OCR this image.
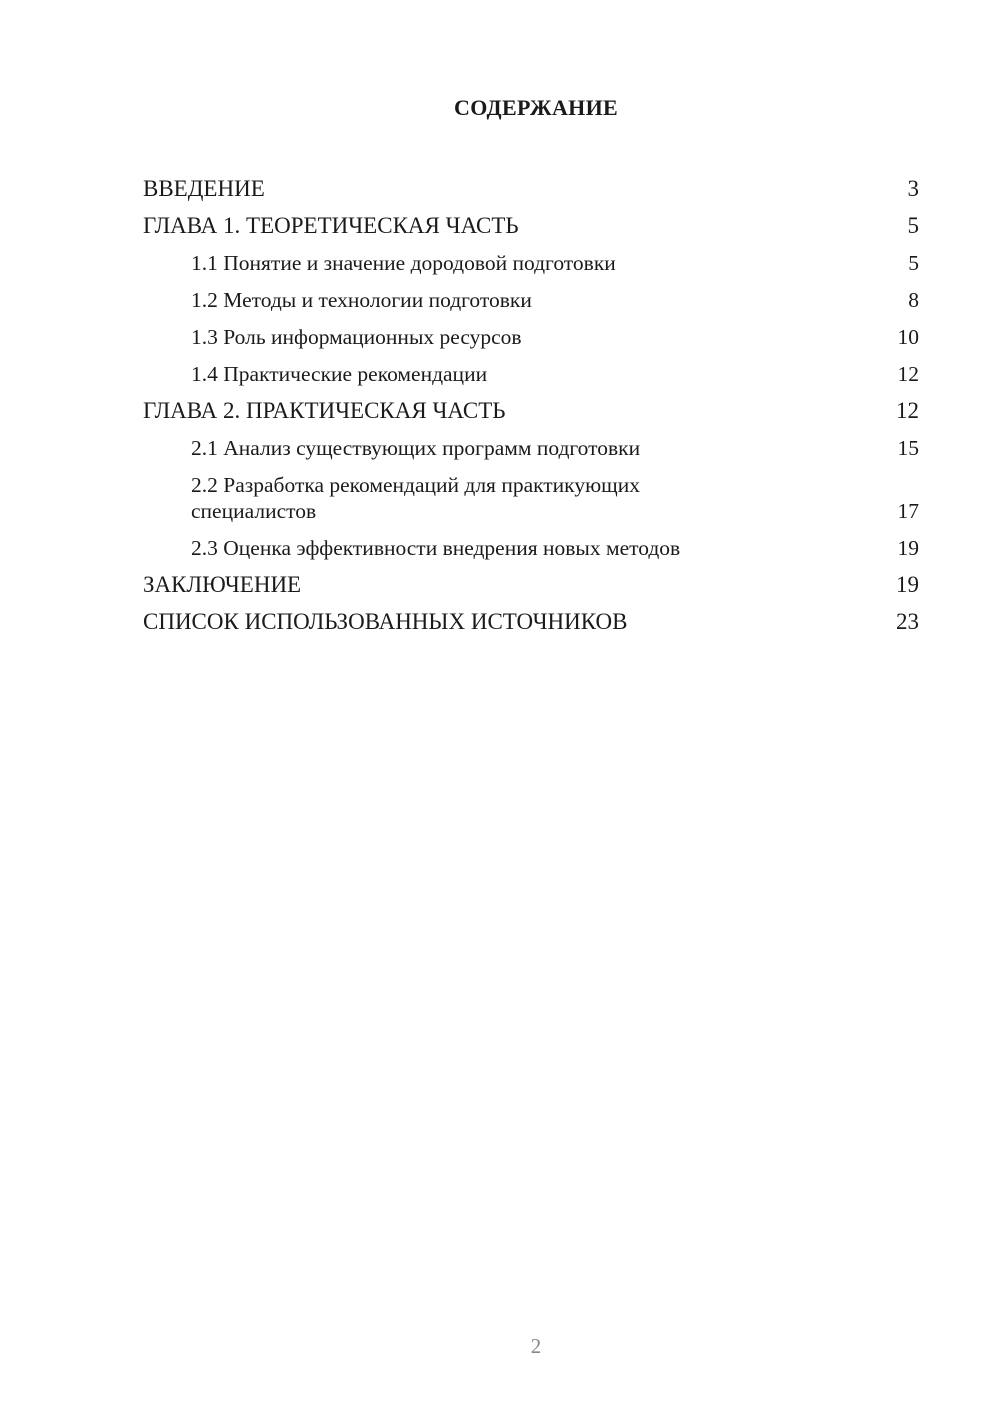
СОДЕРЖАНИЕ
ВВЕДЕНИЕ	3
ГЛАВА 1. ТЕОРЕТИЧЕСКАЯ ЧАСТЬ	5
1.1 Понятие и значение дородовой подготовки	5
1.2 Методы и технологии подготовки	8
1.3 Роль информационных ресурсов	10
1.4 Практические рекомендации	12
ГЛАВА 2. ПРАКТИЧЕСКАЯ ЧАСТЬ	12
2.1 Анализ существующих программ подготовки	15
2.2 Разработка рекомендаций для практикующих специалистов	17
2.3 Оценка эффективности внедрения новых методов	19
ЗАКЛЮЧЕНИЕ	19
СПИСОК ИСПОЛЬЗОВАННЫХ ИСТОЧНИКОВ	23
2
